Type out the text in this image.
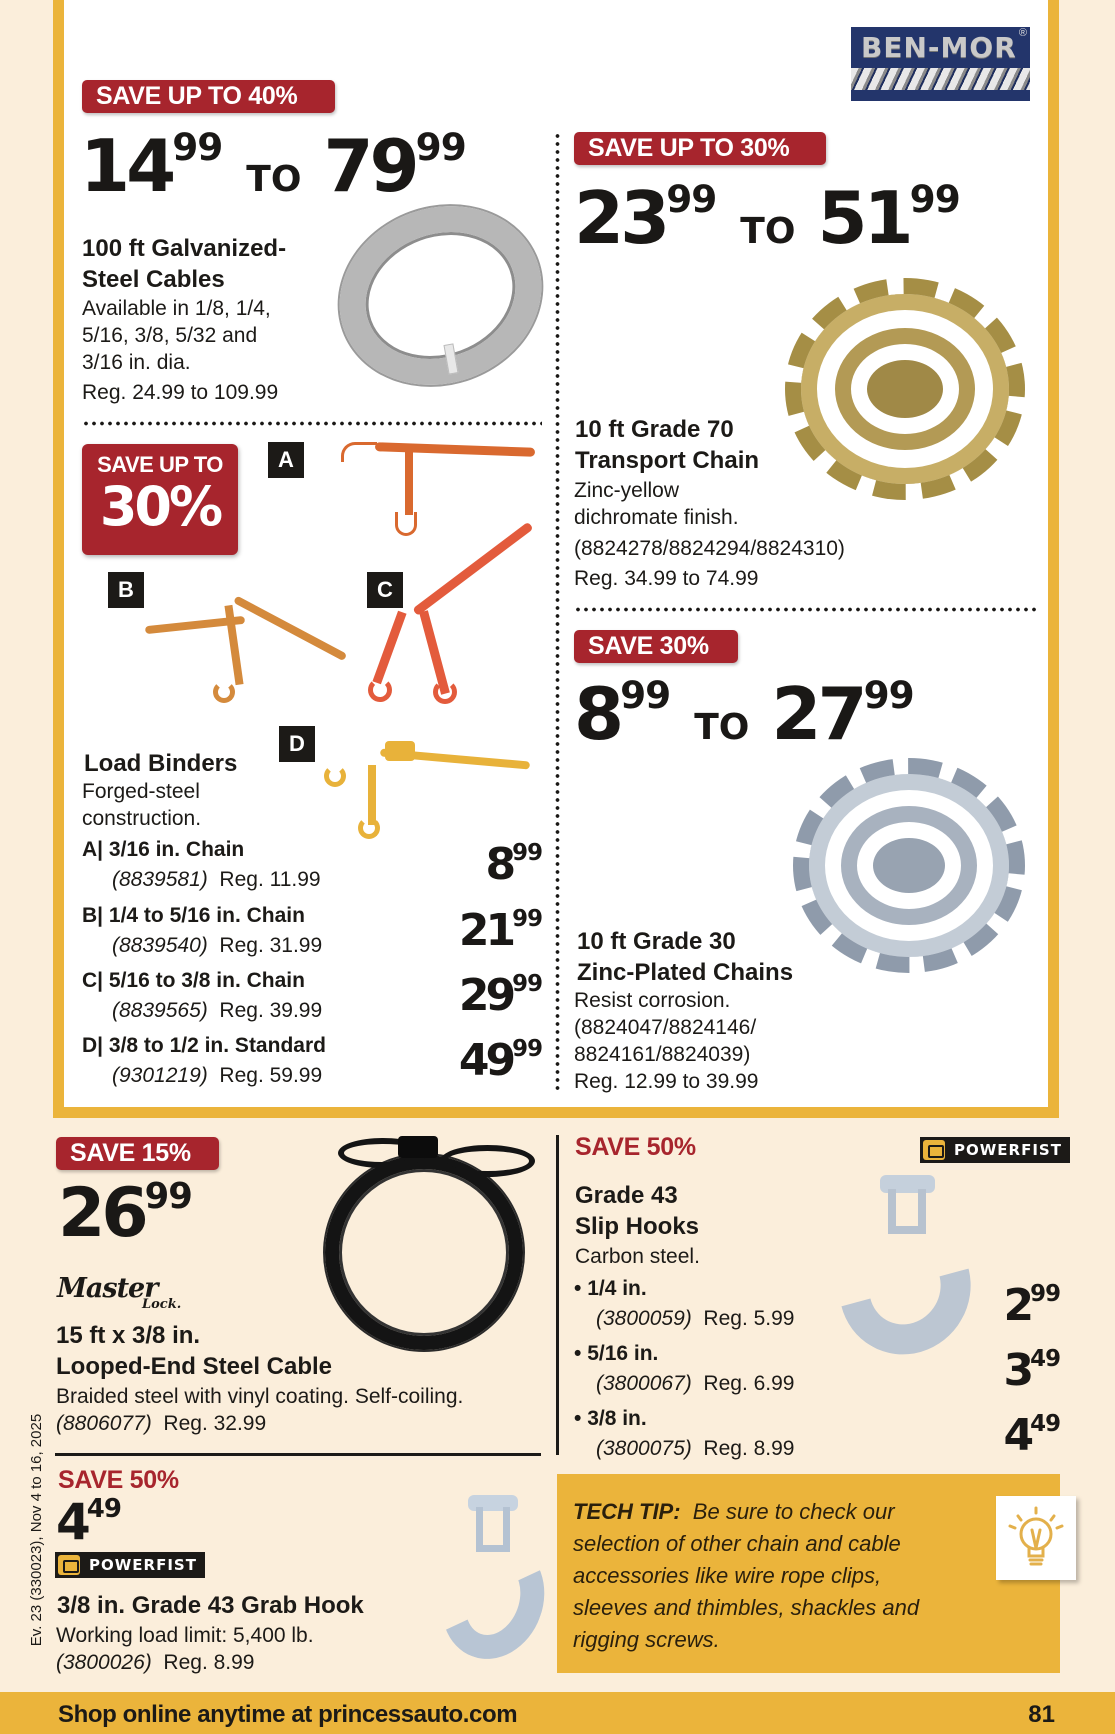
BEN-MOR ®
SAVE UP TO 40%
$14^{99}TO$ $79^{99}$
100 ft Galvanized-
Steel Cables
Available in 1/8, 1/4,
5/16, 3/8, 5/32 and
3/16 in. dia.
Reg. 24.99 to 109.99
SAVE UP TO
30%
A
B	C
D
Load Binders
Forged-steel
construction.
A| 3/16 in. Chain
(8839581) Reg. 11.99	$8^{99}$
B| 1/4 to 5/16 in. Chain
(8839540) Reg. 31.99	$21^{99}$
C| 5/16 to 3/8 in. Chain
(8839565) Reg. 39.99	$29^{99}$
D| 3/8 to 1/2 in. Standard
(9301219) Reg. 59.99	$49^{99}$
SAVE UP TO 30%
$23^{99}TO$ $51^{99}$
10 ft Grade 70
Transport Chain
Zinc-yellow
dichromate finish.
(8824278/8824294/8824310)
Reg. 34.99 to 74.99
SAVE 30%
$8^{99}TO$ $27^{99}$
10 ft Grade 30
Zinc-Plated Chains
Resist corrosion.
(8824047/8824146/
8824161/8824039)
Reg. 12.99 to 39.99
SAVE 15%
$26^{99}$
Master
Lock.
15 ft x 3/8 in.
Looped-End Steel Cable
Braided steel with vinyl coating. Self-coiling.
(8806077) Reg. 32.99
SAVE 50%
$4^{49}$
POWERFIST
3/8 in. Grade 43 Grab Hook
Working load limit: 5,400 lb.
(3800026) Reg. 8.99
SAVE 50%	POWERFIST
Grade 43
Slip Hooks
Carbon steel.
• 1/4 in.
(3800059) Reg. 5.99	$2^{99}$
• 5/16 in.
(3800067) Reg. 6.99	$3^{49}$
• 3/8 in.
(3800075) Reg. 8.99	$4^{49}$
TECH TIP: Be sure to check our selection of other chain and cable accessories like wire rope clips, sleeves and thimbles, shackles and rigging screws.
Ev. 23 (330023), Nov 4 to 16, 2025
Shop online anytime at princessauto.com	81
